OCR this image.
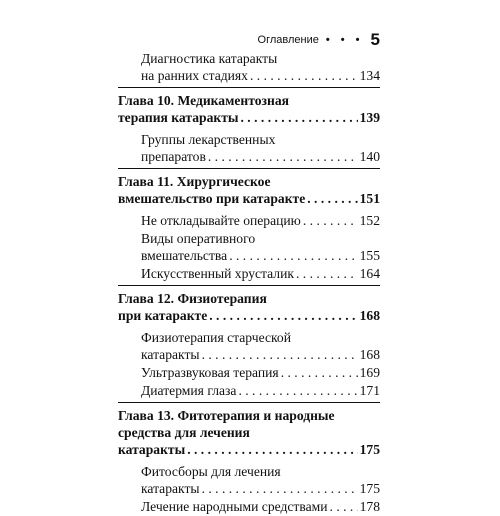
Оглавление • • • 5
Диагностика катаракты
на ранних стадиях . . .	134
Глава 10. Медикаментозная
терапия катаракты . . .	139
Группы лекарственных
препаратов . . .	140
Глава 11. Хирургическое
вмешательство при катаракте . . .	151
Не откладывайте операцию . . .	152
Виды оперативного
вмешательства . . .	155
Искусственный хрусталик . . .	164
Глава 12. Физиотерапия
при катаракте . . .	168
Физиотерапия старческой
катаракты . . .	168
Ультразвуковая терапия . . .	169
Диатермия глаза . . .	171
Глава 13. Фитотерапия и народные
средства для лечения
катаракты . . .	175
Фитосборы для лечения
катаракты . . .	175
Лечение народными средствами . . . 178
